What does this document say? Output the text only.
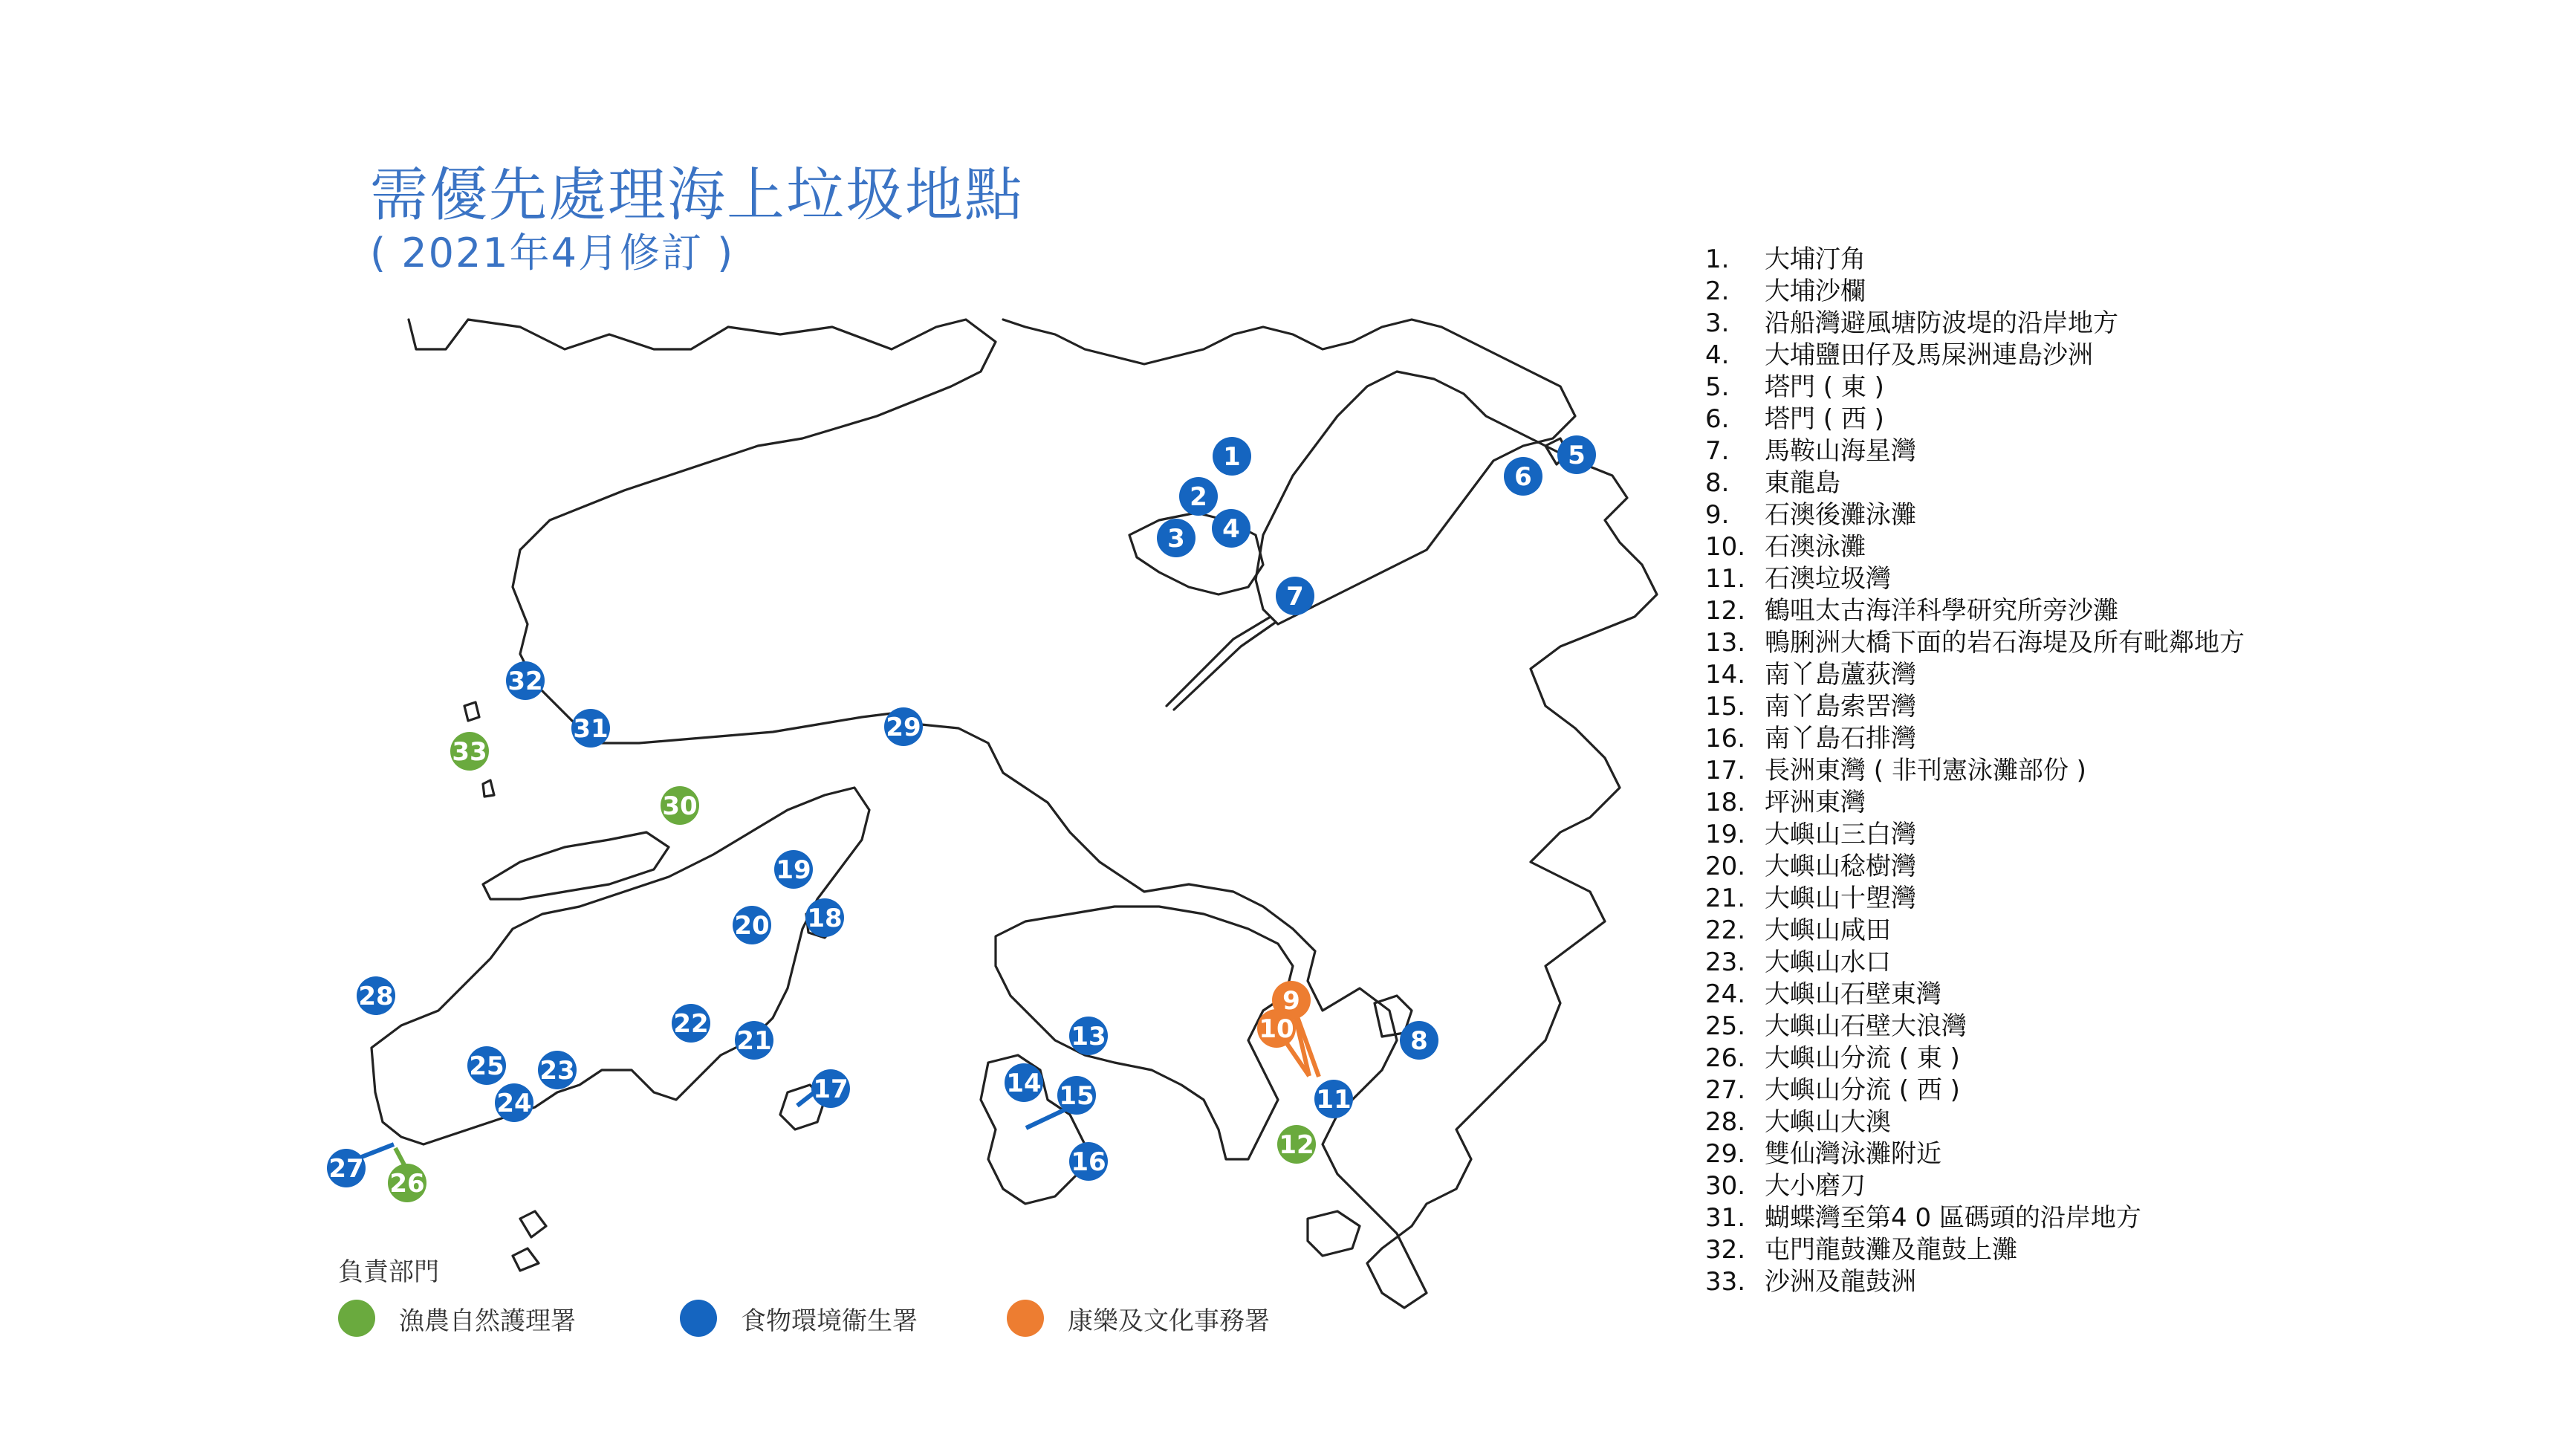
需優先處理海上垃圾地點
( 2021年4月修訂 )
1
2
3 4
5
6
7
8
9
10
11
12
13
14 15
16
17
18
19
20
21
22
23
24
25
26
27
28
29
30
31
32
33
1. 大埔汀角
2. 大埔沙欄
3. 沿船灣避風塘防波堤的沿岸地方
4. 大埔鹽田仔及馬屎洲連島沙洲
5. 塔門 ( 東 )
6. 塔門 ( 西 )
7. 馬鞍山海星灣
8. 東龍島
9. 石澳後灘泳灘
10. 石澳泳灘
11. 石澳垃圾灣
12. 鶴咀太古海洋科學研究所旁沙灘
13. 鴨脷洲大橋下面的岩石海堤及所有毗鄰地方
14. 南丫島蘆荻灣
15. 南丫島索罟灣
16. 南丫島石排灣
17. 長洲東灣 ( 非刊憲泳灘部份 )
18. 坪洲東灣
19. 大嶼山三白灣
20. 大嶼山稔樹灣
21. 大嶼山十塱灣
22. 大嶼山咸田
23. 大嶼山水口
24. 大嶼山石壁東灣
25. 大嶼山石壁大浪灣
26. 大嶼山分流 ( 東 )
27. 大嶼山分流 ( 西 )
28. 大嶼山大澳
29. 雙仙灣泳灘附近
30. 大小磨刀
31. 蝴蝶灣至第4 0 區碼頭的沿岸地方
32. 屯門龍鼓灘及龍鼓上灘
33. 沙洲及龍鼓洲
負責部門
漁農自然護理署	食物環境衞生署	康樂及文化事務署
